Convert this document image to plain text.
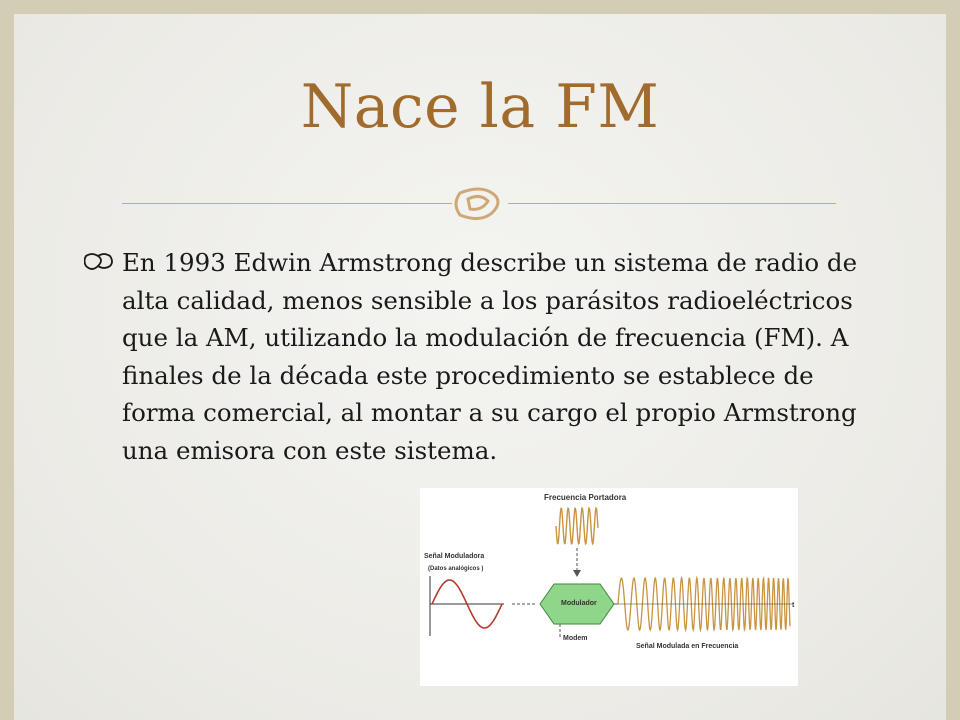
Nace la FM

En 1993 Edwin Armstrong describe un sistema de radio de alta calidad, menos sensible a los parásitos radioeléctricos que la AM, utilizando la modulación de frecuencia (FM). A finales de la década este procedimiento se establece de forma comercial, al montar a su cargo el propio Armstrong una emisora con este sistema.

Frecuencia Portadora
Señal Moduladora
(Datos analógicos )
Modulador
Modem
t
Señal Modulada en Frecuencia
